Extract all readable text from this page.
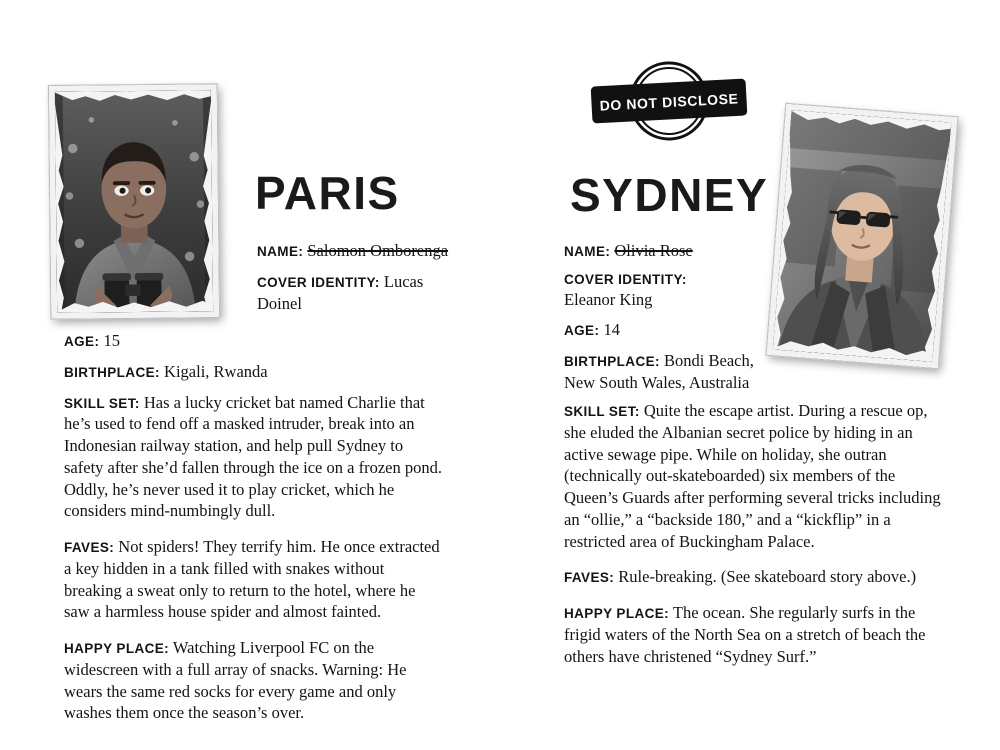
PARIS
NAME: Salomon Omborenga
COVER IDENTITY: Lucas Doinel
AGE: 15
BIRTHPLACE: Kigali, Rwanda
SKILL SET: Has a lucky cricket bat named Charlie that he’s used to fend off a masked intruder, break into an Indonesian railway station, and help pull Sydney to safety after she’d fallen through the ice on a frozen pond. Oddly, he’s never used it to play cricket, which he considers mind-numbingly dull.
FAVES: Not spiders! They terrify him. He once extracted a key hidden in a tank filled with snakes without breaking a sweat only to return to the hotel, where he saw a harmless house spider and almost fainted.
HAPPY PLACE: Watching Liverpool FC on the widescreen with a full array of snacks. Warning: He wears the same red socks for every game and only washes them once the season’s over.
DO NOT DISCLOSE
SYDNEY
NAME: Olivia Rose
COVER IDENTITY:
Eleanor King
AGE: 14
BIRTHPLACE: Bondi Beach, New South Wales, Australia
SKILL SET: Quite the escape artist. During a rescue op, she eluded the Albanian secret police by hiding in an active sewage pipe. While on holiday, she outran (technically out-skateboarded) six members of the Queen’s Guards after performing several tricks including an “ollie,” a “backside 180,” and a “kickflip” in a restricted area of Buckingham Palace.
FAVES: Rule-breaking. (See skateboard story above.)
HAPPY PLACE: The ocean. She regularly surfs in the frigid waters of the North Sea on a stretch of beach the others have christened “Sydney Surf.”
